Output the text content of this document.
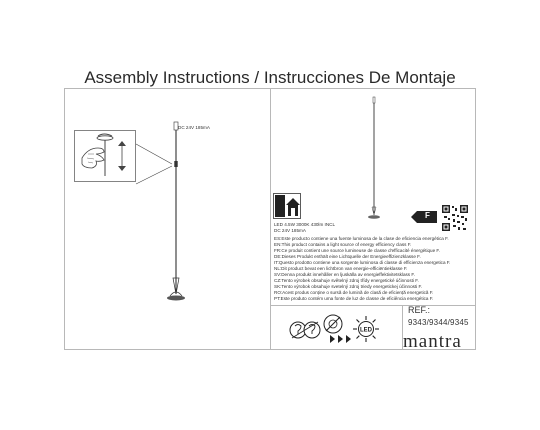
Assembly Instructions / Instrucciones De Montaje
DC 24V 185mA
F
LED 4.5W 3000K 430lm INCL
DC 24V 185mA
ES:Este producto contiene una fuente luminosa de la clase de eficiencia energética F.
EN:This product contains a light source of energy efficiency class F.
FR:Ce produit contient une source lumineuse de classe d'efficacité énergétique F.
DE:Dieses Produkt enthält eine Lichtquelle der Energieeffizienzklasse F.
IT:Questo prodotto contiene una sorgente luminosa di classe di efficienza energetica F.
NL:Dit product bevat een lichtbron van energie-efficiëntieklasse F.
SV:Denna produkt innehåller en ljuskälla av energieffektivitetsklass F.
CZ:Tento výrobek obsahuje světelný zdroj třídy energetické účinnosti F.
SK:Tento výrobok obsahuje svetelný zdroj triedy energetickej účinnosti F.
RO:Acest produs conține o sursă de lumină de clasă de eficiență energetică F.
PT:Este produto contém uma fonte de luz de classe de eficiência energética F.
LED
REF.:
9343/9344/9345
mantra
